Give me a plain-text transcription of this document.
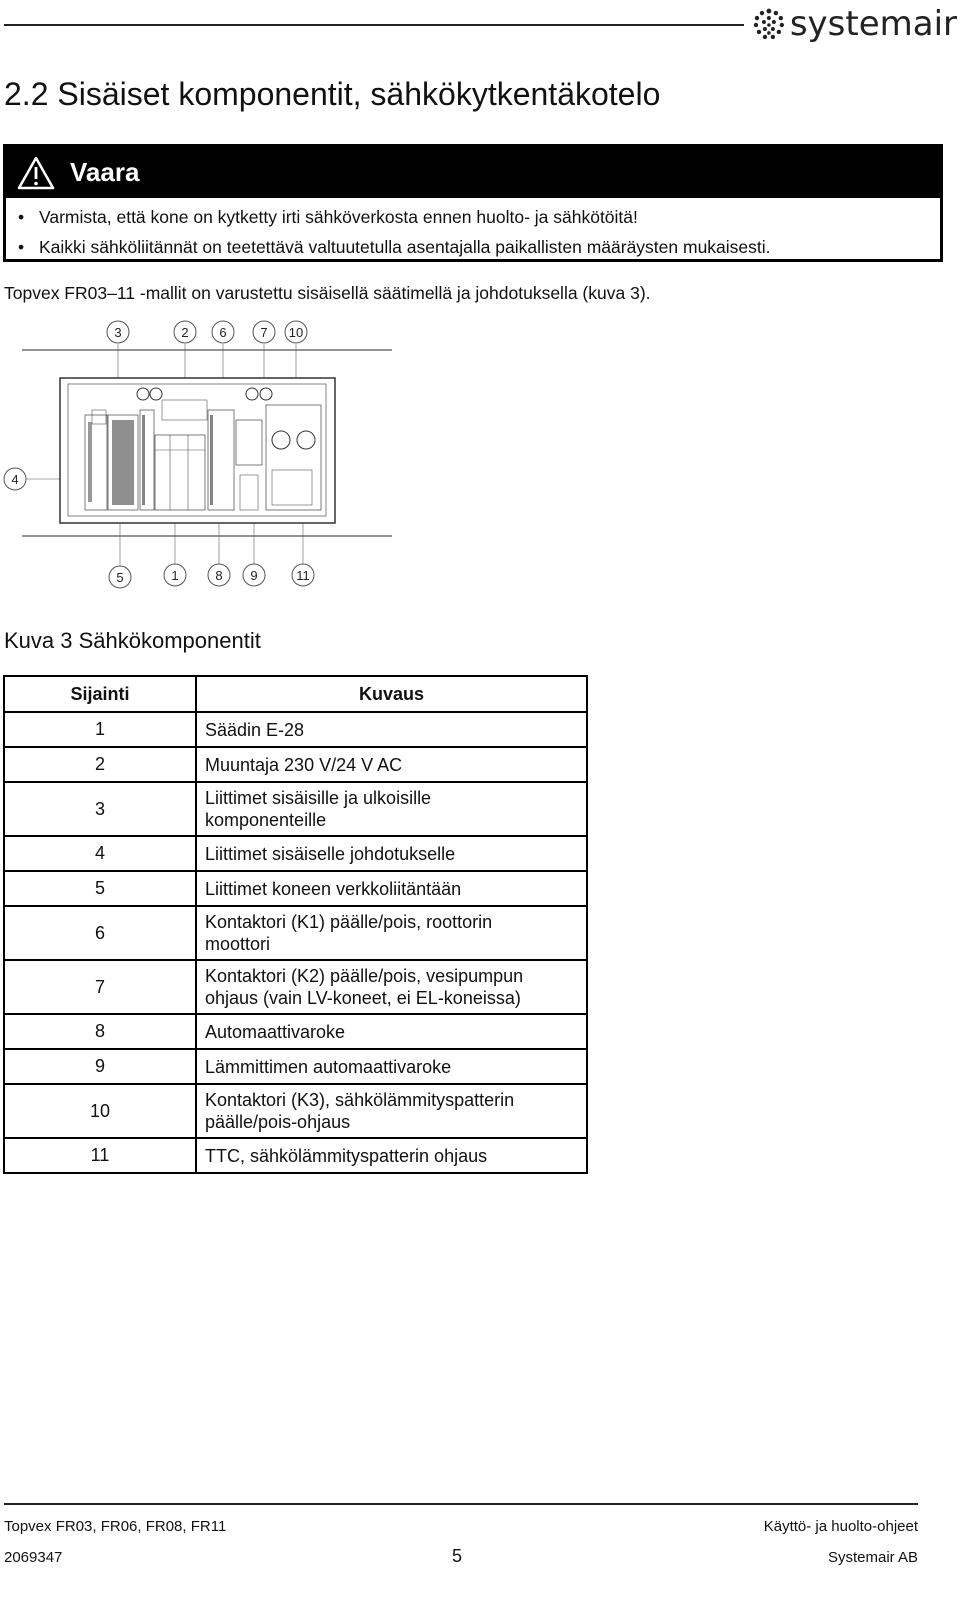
systemair
2.2 Sisäiset komponentit, sähkökytkentäkotelo
Vaara
• Varmista, että kone on kytketty irti sähköverkosta ennen huolto- ja sähkötöitä!
• Kaikki sähköliitännät on teetettävä valtuutetulla asentajalla paikallisten määräysten mukaisesti.
Topvex FR03–11 -mallit on varustettu sisäisellä säätimellä ja johdotuksella (kuva 3).
3	2 6	7 10
4
5	1	8 9	11
Kuva 3 Sähkökomponentit
Sijainti	Kuvaus
1	Säädin E-28
2	Muuntaja 230 V/24 V AC
3	Liittimet sisäisille ja ulkoisille komponenteille
4	Liittimet sisäiselle johdotukselle
5	Liittimet koneen verkkoliitäntään
6	Kontaktori (K1) päälle/pois, roottorin moottori
7	Kontaktori (K2) päälle/pois, vesipumpun ohjaus (vain LV-koneet, ei EL-koneissa)
8	Automaattivaroke
9	Lämmittimen automaattivaroke
10	Kontaktori (K3), sähkölämmityspatterin päälle/pois-ohjaus
11	TTC, sähkölämmityspatterin ohjaus
Topvex FR03, FR06, FR08, FR11	Käyttö- ja huolto-ohjeet
2069347	5	Systemair AB
